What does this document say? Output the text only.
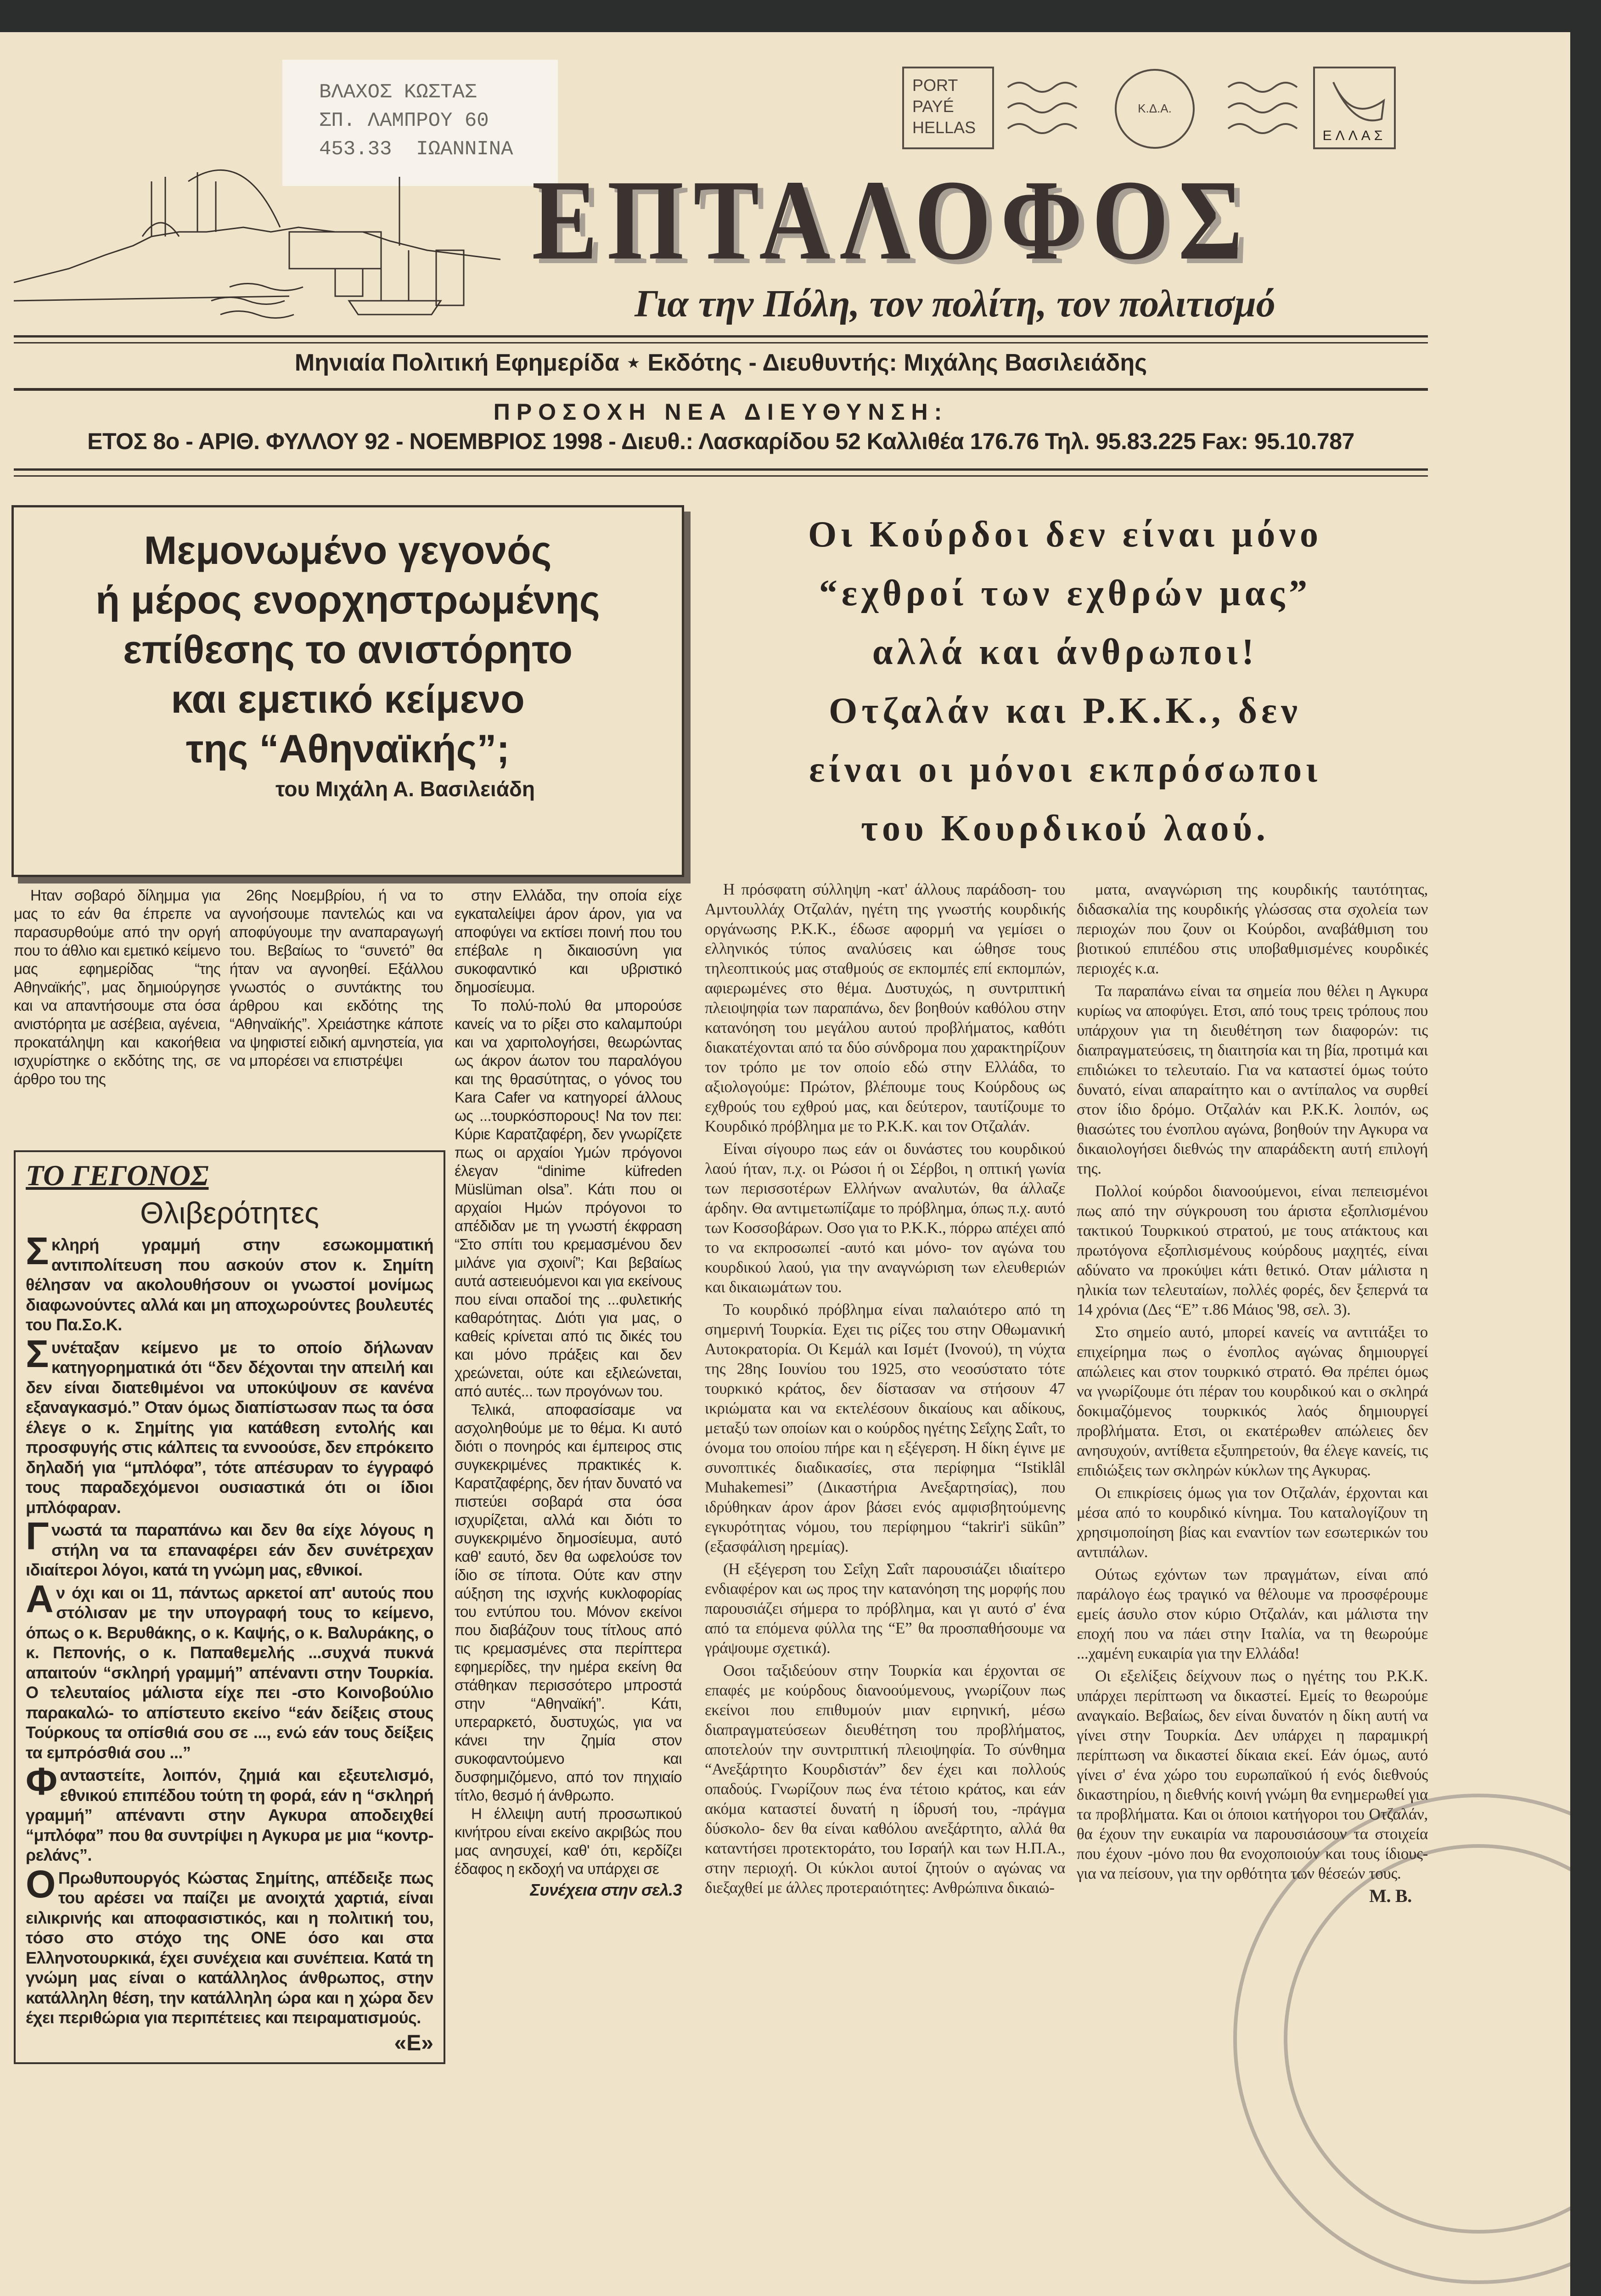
ΒΛΑΧΟΣ ΚΩΣΤΑΣ
ΣΠ. ΛΑΜΠΡΟΥ 60
453.33  ΙΩΑΝΝΙΝΑ
PORT
PAYÉ
HELLAS
Κ.Δ.Α.
ΕΛΛΑΣ
ΕΠΤΑΛΟΦΟΣ
Για την Πόλη, τον πολίτη, τον πολιτισμό
Μηνιαία Πολιτική Εφημερίδα ⋆ Εκδότης - Διευθυντής: Μιχάλης Βασιλειάδης
ΠΡΟΣΟΧΗ ΝΕΑ ΔΙΕΥΘΥΝΣΗ:
ΕΤΟΣ 8ο - ΑΡΙΘ. ΦΥΛΛΟΥ 92 - ΝΟΕΜΒΡΙΟΣ 1998 - Διευθ.: Λασκαρίδου 52 Καλλιθέα 176.76 Τηλ. 95.83.225 Fax: 95.10.787
Μεμονωμένο γεγονός
ή μέρος ενορχηστρωμένης
επίθεσης το ανιστόρητο
και εμετικό κείμενο
της “Αθηναϊκής”;
του Μιχάλη Α. Βασιλειάδη

Ηταν σοβαρό δίλημμα για μας το εάν θα έπρεπε να παρασυρθούμε από την οργή που το άθλιο και εμετικό κείμενο μας εφημερίδας “της Αθηναϊκής”, μας δημιούργησε και να απαντήσουμε στα όσα ανιστόρητα με ασέβεια, αγένεια, προκατάληψη και κακοήθεια ισχυρίστηκε ο εκδότης της, σε άρθρο του της

26ης Νοεμβρίου, ή να το αγνοήσουμε παντελώς και να αποφύγουμε την αναπαραγωγή του. Βεβαίως το “συνετό” θα ήταν να αγνοηθεί. Εξάλλου γνωστός ο συντάκτης του άρθρου και εκδότης της “Αθηναϊκής”. Χρειάστηκε κάποτε να ψηφιστεί ειδική αμνηστεία, για να μπορέσει να επιστρέψει

στην Ελλάδα, την οποία είχε εγκαταλείψει άρον άρον, για να αποφύγει να εκτίσει ποινή που του επέβαλε η δικαιοσύνη για συκοφαντικό και υβριστικό δημοσίευμα.

Το πολύ-πολύ θα μπορούσε κανείς να το ρίξει στο καλαμπούρι και να χαριτολογήσει, θεωρώντας ως άκρον άωτον του παραλόγου και της θρασύτητας, ο γόνος του Kara Cafer να κατηγορεί άλλους ως ...τουρκόσπορους! Να τον πει: Κύριε Καρατζαφέρη, δεν γνωρίζετε πως οι αρχαίοι Υμών πρόγονοι έλεγαν “dinime küfreden Müslüman olsa”. Κάτι που οι αρχαίοι Ημών πρόγονοι το απέδιδαν με τη γνωστή έκφραση “Στο σπίτι του κρεμασμένου δεν μιλάνε για σχοινί”; Και βεβαίως αυτά αστειευόμενοι και για εκείνους που είναι οπαδοί της ...φυλετικής καθαρότητας. Διότι για μας, ο καθείς κρίνεται από τις δικές του και μόνο πράξεις και δεν χρεώνεται, ούτε και εξιλεώνεται, από αυτές... των προγόνων του.

Τελικά, αποφασίσαμε να ασχοληθούμε με το θέμα. Κι αυτό διότι ο πονηρός και έμπειρος στις συγκεκριμένες πρακτικές κ. Καρατζαφέρης, δεν ήταν δυνατό να πιστεύει σοβαρά στα όσα ισχυρίζεται, αλλά και διότι το συγκεκριμένο δημοσίευμα, αυτό καθ' εαυτό, δεν θα ωφελούσε τον ίδιο σε τίποτα. Ούτε καν στην αύξηση της ισχνής κυκλοφορίας του εντύπου του. Μόνον εκείνοι που διαβάζουν τους τίτλους από τις κρεμασμένες στα περίπτερα εφημερίδες, την ημέρα εκείνη θα στάθηκαν περισσότερο μπροστά στην “Αθηναϊκή”. Κάτι, υπεραρκετό, δυστυχώς, για να κάνει την ζημία στον συκοφαντούμενο και δυσφημιζόμενο, από τον πηχιαίο τίτλο, θεσμό ή άνθρωπο.

Η έλλειψη αυτή προσωπικού κινήτρου είναι εκείνο ακριβώς που μας ανησυχεί, καθ' ότι, κερδίζει έδαφος η εκδοχή να υπάρχει σε

Συνέχεια στην σελ.3
ΤΟ ΓΕΓΟΝΟΣ
Θλιβερότητες

Σκληρή γραμμή στην εσωκομματική αντιπολίτευση που ασκούν στον κ. Σημίτη θέλησαν να ακολουθήσουν οι γνωστοί μονίμως διαφωνούντες αλλά και μη αποχωρούντες βουλευτές του Πα.Σο.Κ.

Συνέταξαν κείμενο με το οποίο δήλωναν κατηγορηματικά ότι “δεν δέχονται την απειλή και δεν είναι διατεθιμένοι να υποκύψουν σε κανένα εξαναγκασμό.” Οταν όμως διαπίστωσαν πως τα όσα έλεγε ο κ. Σημίτης για κατάθεση εντολής και προσφυγής στις κάλπεις τα εννοούσε, δεν επρόκειτο δηλαδή για “μπλόφα”, τότε απέσυραν το έγγραφό τους παραδεχόμενοι ουσιαστικά ότι οι ίδιοι μπλόφαραν.

Γνωστά τα παραπάνω και δεν θα είχε λόγους η στήλη να τα επαναφέρει εάν δεν συνέτρεχαν ιδιαίτεροι λόγοι, κατά τη γνώμη μας, εθνικοί.

Αν όχι και οι 11, πάντως αρκετοί απ' αυτούς που στόλισαν με την υπογραφή τους το κείμενο, όπως ο κ. Βερυθάκης, ο κ. Καψής, ο κ. Βαλυράκης, ο κ. Πεπονής, ο κ. Παπαθεμελής ...συχνά πυκνά απαιτούν “σκληρή γραμμή” απέναντι στην Τουρκία. Ο τελευταίος μάλιστα είχε πει -στο Κοινοβούλιο παρακαλώ- το απίστευτο εκείνο “εάν δείξεις στους Τούρκους τα οπίσθιά σου σε ..., ενώ εάν τους δείξεις τα εμπρόσθιά σου ...”

Φανταστείτε, λοιπόν, ζημιά και εξευτελισμό, εθνικού επιπέδου τούτη τη φορά, εάν η “σκληρή γραμμή” απέναντι στην Αγκυρα αποδειχθεί “μπλόφα” που θα συντρίψει η Αγκυρα με μια “κοντρ-ρελάνς”.

ΟΠρωθυπουργός Κώστας Σημίτης, απέδειξε πως του αρέσει να παίζει με ανοιχτά χαρτιά, είναι ειλικρινής και αποφασιστικός, και η πολιτική του, τόσο στο στόχο της ONE όσο και στα Ελληνοτουρκικά, έχει συνέχεια και συνέπεια. Κατά τη γνώμη μας είναι ο κατάλληλος άνθρωπος, στην κατάλληλη θέση, την κατάλληλη ώρα και η χώρα δεν έχει περιθώρια για περιπέτειες και πειραματισμούς.

«Ε»
Οι Κούρδοι δεν είναι μόνο
“εχθροί των εχθρών μας”
αλλά και άνθρωποι!
Οτζαλάν και Ρ.Κ.Κ., δεν
είναι οι μόνοι εκπρόσωποι
του Κουρδικού λαού.

Η πρόσφατη σύλληψη -κατ' άλλους παράδοση- του Αμντουλλάχ Οτζαλάν, ηγέτη της γνωστής κουρδικής οργάνωσης Ρ.Κ.Κ., έδωσε αφορμή να γεμίσει ο ελληνικός τύπος αναλύσεις και ώθησε τους τηλεοπτικούς μας σταθμούς σε εκπομπές επί εκπομπών, αφιερωμένες στο θέμα. Δυστυχώς, η συντριπτική πλειοψηφία των παραπάνω, δεν βοηθούν καθόλου στην κατανόηση του μεγάλου αυτού προβλήματος, καθότι διακατέχονται από τα δύο σύνδρομα που χαρακτηρίζουν τον τρόπο με τον οποίο εδώ στην Ελλάδα, το αξιολογούμε: Πρώτον, βλέπουμε τους Κούρδους ως εχθρούς του εχθρού μας, και δεύτερον, ταυτίζουμε το Κουρδικό πρόβλημα με το Ρ.Κ.Κ. και τον Οτζαλάν.

Είναι σίγουρο πως εάν οι δυνάστες του κουρδικού λαού ήταν, π.χ. οι Ρώσοι ή οι Σέρβοι, η οπτική γωνία των περισσοτέρων Ελλήνων αναλυτών, θα άλλαζε άρδην. Θα αντιμετωπίζαμε το πρόβλημα, όπως π.χ. αυτό των Κοσσοβάρων. Οσο για το Ρ.Κ.Κ., πόρρω απέχει από το να εκπροσωπεί -αυτό και μόνο- τον αγώνα του κουρδικού λαού, για την αναγνώριση των ελευθεριών και δικαιωμάτων του.

Το κουρδικό πρόβλημα είναι παλαιότερο από τη σημερινή Τουρκία. Εχει τις ρίζες του στην Οθωμανική Αυτοκρατορία. Οι Κεμάλ και Ισμέτ (Ινονού), τη νύχτα της 28ης Ιουνίου του 1925, στο νεοσύστατο τότε τουρκικό κράτος, δεν δίστασαν να στήσουν 47 ικριώματα και να εκτελέσουν δικαίους και αδίκους, μεταξύ των οποίων και ο κούρδος ηγέτης Σεΐχης Σαΐτ, το όνομα του οποίου πήρε και η εξέγερση. Η δίκη έγινε με συνοπτικές διαδικασίες, στα περίφημα “Istiklâl Muhakemesi” (Δικαστήρια Ανεξαρτησίας), που ιδρύθηκαν άρον άρον βάσει ενός αμφισβητούμενης εγκυρότητας νόμου, του περίφημου “takrir'i sükûn” (εξασφάλιση ηρεμίας).

(Η εξέγερση του Σεΐχη Σαΐτ παρουσιάζει ιδιαίτερο ενδιαφέρον και ως προς την κατανόηση της μορφής που παρουσιάζει σήμερα το πρόβλημα, και γι αυτό σ' ένα από τα επόμενα φύλλα της “Ε” θα προσπαθήσουμε να γράψουμε σχετικά).

Οσοι ταξιδεύουν στην Τουρκία και έρχονται σε επαφές με κούρδους διανοούμενους, γνωρίζουν πως εκείνοι που επιθυμούν μιαν ειρηνική, μέσω διαπραγματεύσεων διευθέτηση του προβλήματος, αποτελούν την συντριπτική πλειοψηφία. Το σύνθημα “Ανεξάρτητο Κουρδιστάν” δεν έχει και πολλούς οπαδούς. Γνωρίζουν πως ένα τέτοιο κράτος, και εάν ακόμα καταστεί δυνατή η ίδρυσή του, -πράγμα δύσκολο- δεν θα είναι καθόλου ανεξάρτητο, αλλά θα καταντήσει προτεκτοράτο, του Ισραήλ και των Η.Π.Α., στην περιοχή. Οι κύκλοι αυτοί ζητούν ο αγώνας να διεξαχθεί με άλλες προτεραιότητες: Ανθρώπινα δικαιώ-

ματα, αναγνώριση της κουρδικής ταυτότητας, διδασκαλία της κουρδικής γλώσσας στα σχολεία των περιοχών που ζουν οι Κούρδοι, αναβάθμιση του βιοτικού επιπέδου στις υποβαθμισμένες κουρδικές περιοχές κ.α.

Τα παραπάνω είναι τα σημεία που θέλει η Αγκυρα κυρίως να αποφύγει. Ετσι, από τους τρεις τρόπους που υπάρχουν για τη διευθέτηση των διαφορών: τις διαπραγματεύσεις, τη διαιτησία και τη βία, προτιμά και επιδιώκει το τελευταίο. Για να καταστεί όμως τούτο δυνατό, είναι απαραίτητο και ο αντίπαλος να συρθεί στον ίδιο δρόμο. Οτζαλάν και Ρ.Κ.Κ. λοιπόν, ως θιασώτες του ένοπλου αγώνα, βοηθούν την Αγκυρα να δικαιολογήσει διεθνώς την απαράδεκτη αυτή επιλογή της.

Πολλοί κούρδοι διανοούμενοι, είναι πεπεισμένοι πως από την σύγκρουση του άριστα εξοπλισμένου τακτικού Τουρκικού στρατού, με τους ατάκτους και πρωτόγονα εξοπλισμένους κούρδους μαχητές, είναι αδύνατο να προκύψει κάτι θετικό. Οταν μάλιστα η ηλικία των τελευταίων, πολλές φορές, δεν ξεπερνά τα 14 χρόνια (Δες “Ε” τ.86 Μάιος '98, σελ. 3).

Στο σημείο αυτό, μπορεί κανείς να αντιτάξει το επιχείρημα πως ο ένοπλος αγώνας δημιουργεί απώλειες και στον τουρκικό στρατό. Θα πρέπει όμως να γνωρίζουμε ότι πέραν του κουρδικού και ο σκληρά δοκιμαζόμενος τουρκικός λαός δημιουργεί προβλήματα. Ετσι, οι εκατέρωθεν απώλειες δεν ανησυχούν, αντίθετα εξυπηρετούν, θα έλεγε κανείς, τις επιδιώξεις των σκληρών κύκλων της Αγκυρας.

Οι επικρίσεις όμως για τον Οτζαλάν, έρχονται και μέσα από το κουρδικό κίνημα. Του καταλογίζουν τη χρησιμοποίηση βίας και εναντίον των εσωτερικών του αντιπάλων.

Ούτως εχόντων των πραγμάτων, είναι από παράλογο έως τραγικό να θέλουμε να προσφέρουμε εμείς άσυλο στον κύριο Οτζαλάν, και μάλιστα την εποχή που να πάει στην Ιταλία, να τη θεωρούμε ...χαμένη ευκαιρία για την Ελλάδα!

Οι εξελίξεις δείχνουν πως ο ηγέτης του Ρ.Κ.Κ. υπάρχει περίπτωση να δικαστεί. Εμείς το θεωρούμε αναγκαίο. Βεβαίως, δεν είναι δυνατόν η δίκη αυτή να γίνει στην Τουρκία. Δεν υπάρχει η παραμικρή περίπτωση να δικαστεί δίκαια εκεί. Εάν όμως, αυτό γίνει σ' ένα χώρο του ευρωπαϊκού ή ενός διεθνούς δικαστηρίου, η διεθνής κοινή γνώμη θα ενημερωθεί για τα προβλήματα. Και οι όποιοι κατήγοροι του Οτζαλάν, θα έχουν την ευκαιρία να παρουσιάσουν τα στοιχεία που έχουν -μόνο που θα ενοχοποιούν και τους ίδιους- για να πείσουν, για την ορθότητα των θέσεών τους.

Μ. Β.
